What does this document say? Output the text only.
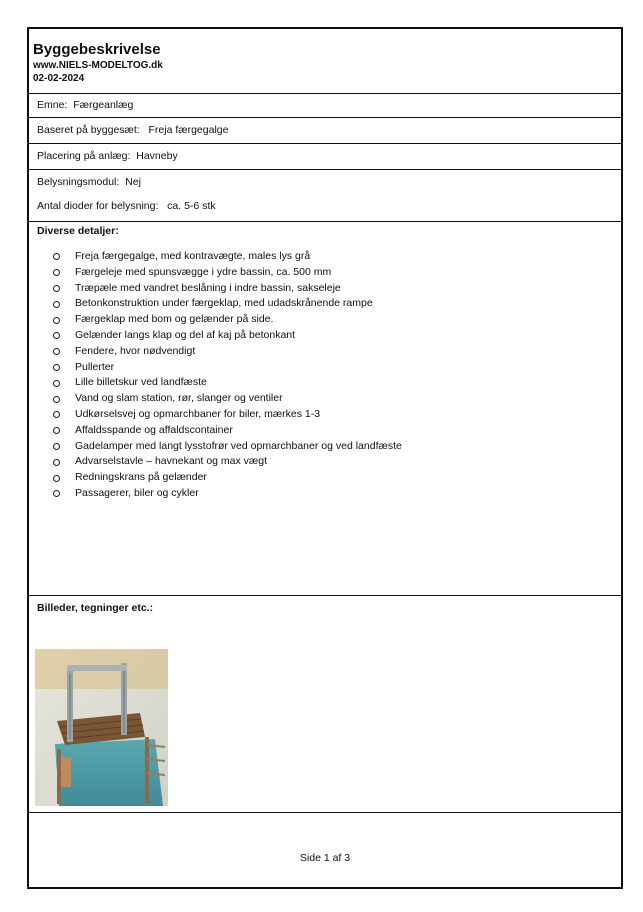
Byggebeskrivelse
www.NIELS-MODELTOG.dk
02-02-2024
Emne: Færgeanlæg
Baseret på byggesæt: Freja færgegalge
Placering på anlæg: Havneby
Belysningsmodul: Nej
Antal dioder for belysning: ca. 5-6 stk
Diverse detaljer:
Freja færgegalge, med kontravægte, males lys grå
Færgeleje med spunsvægge i ydre bassin, ca. 500 mm
Træpæle med vandret beslåning i indre bassin, sakseleje
Betonkonstruktion under færgeklap, med udadskrånende rampe
Færgeklap med bom og gelænder på side.
Gelænder langs klap og del af kaj på betonkant
Fendere, hvor nødvendigt
Pullerter
Lille billetskur ved landfæste
Vand og slam station, rør, slanger og ventiler
Udkørselsvej og opmarchbaner for biler, mærkes 1-3
Affaldsspande og affaldscontainer
Gadelamper med langt lysstofrør ved opmarchbaner og ved landfæste
Advarselstavle – havnekant og max vægt
Redningskrans på gelænder
Passagerer, biler og cykler
Billeder, tegninger etc.:
Side 1 af 3
